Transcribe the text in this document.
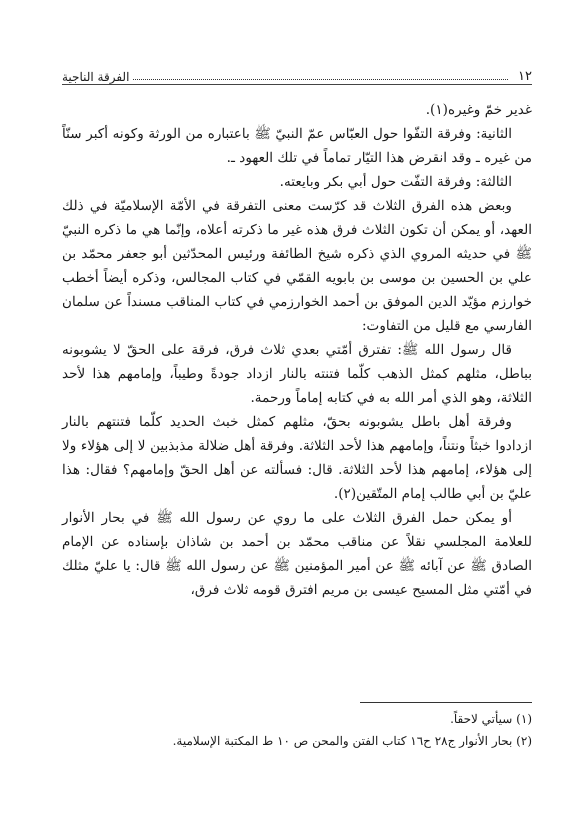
١٢
الفرقة الناجية

غدير خمّ وغيره(١).

الثانية: وفرقة التفّوا حول العبّاس عمّ النبيّ ﷺ باعتباره من الورثة وكونه أكبر سنّاً من غيره ـ وقد انقرض هذا التيّار تماماً في تلك العهود ـ.

الثالثة: وفرقة التفّت حول أبي بكر وبايعته.

وبعض هذه الفرق الثلاث قد كرّست معنى التفرقة في الأمّة الإسلاميّة في ذلك العهد، أو يمكن أن تكون الثلاث فرق هذه غير ما ذكرته أعلاه، وإنّما هي ما ذكره النبيّ ﷺ في حديثه المروي الذي ذكره شيخ الطائفة ورئيس المحدّثين أبو جعفر محمّد بن علي بن الحسين بن موسى بن بابويه القمّي في كتاب المجالس، وذكره أيضاً أخطب خوارزم مؤيّد الدين الموفق بن أحمد الخوارزمي في كتاب المناقب مسنداً عن سلمان الفارسي مع قليل من التفاوت:

قال رسول الله ﷺ: تفترق أمّتي بعدي ثلاث فرق، فرقة على الحقّ لا يشوبونه بباطل، مثلهم كمثل الذهب كلّما فتنته بالنار ازداد جودةً وطيباً، وإمامهم هذا لأحد الثلاثة، وهو الذي أمر الله به في كتابه إماماً ورحمة.

وفرقة أهل باطل يشوبونه بحقّ، مثلهم كمثل خبث الحديد كلّما فتنتهم بالنار ازدادوا خبثاً ونتناً، وإمامهم هذا لأحد الثلاثة. وفرقة أهل ضلالة مذبذبين لا إلى هؤلاء ولا إلى هؤلاء، إمامهم هذا لأحد الثلاثة. قال: فسألته عن أهل الحقّ وإمامهم؟ فقال: هذا عليّ بن أبي طالب إمام المتّقين(٢).

أو يمكن حمل الفرق الثلاث على ما روي عن رسول الله ﷺ في بحار الأنوار للعلامة المجلسي نقلاً عن مناقب محمّد بن أحمد بن شاذان بإسناده عن الإمام الصادق ﷺ عن آبائه ﷺ عن أمير المؤمنين ﷺ عن رسول الله ﷺ قال: يا عليّ مثلك في أمّتي مثل المسيح عيسى بن مريم افترق قومه ثلاث فرق،

(١) سيأتي لاحقاً.

(٢) بحار الأنوار ج٢٨ ح١٦ كتاب الفتن والمحن ص ١٠ ط المكتبة الإسلامية.
